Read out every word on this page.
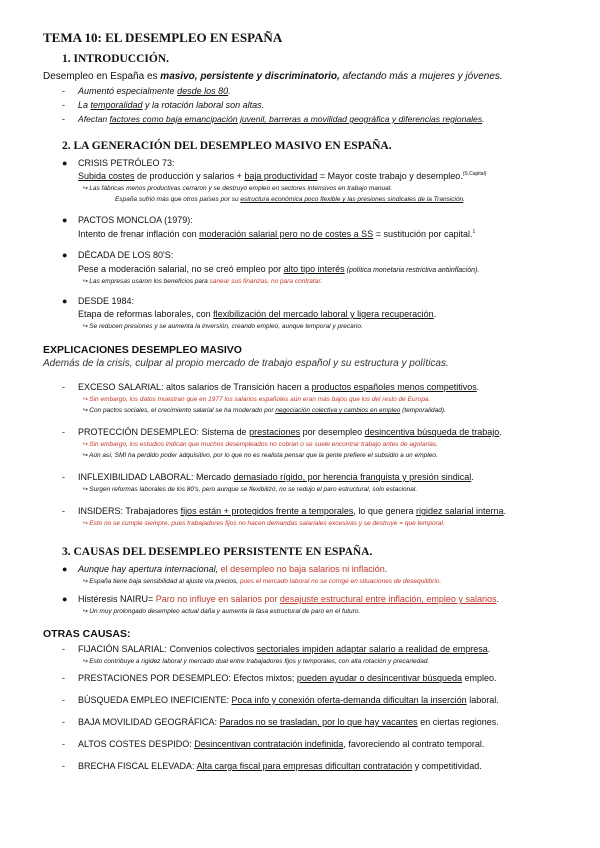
TEMA 10: EL DESEMPLEO EN ESPAÑA
1. INTRODUCCIÓN.
Desempleo en España es masivo, persistente y discriminatorio, afectando más a mujeres y jóvenes.
- Aumentó especialmente desde los 80.
- La temporalidad y la rotación laboral son altas.
- Afectan factores como baja emancipación juvenil, barreras a movilidad geográfica y diferencias regionales.
2. LA GENERACIÓN DEL DESEMPLEO MASIVO EN ESPAÑA.
● CRISIS PETRÓLEO 73:
Subida costes de producción y salarios + baja productividad = Mayor coste trabajo y desempleo.$^{(S.Capital)}$
↪ Las fábricas menos productivas cerraron y se destruyó empleo en sectores intensivos en trabajo manual.
España sufrió más que otros países por su estructura económica poco flexible y las presiones sindicales de la Transición.
● PACTOS MONCLOA (1979):
Intento de frenar inflación con moderación salarial pero no de costes a SS = sustitución por capital.$^1$
● DÉCADA DE LOS 80'S:
Pese a moderación salarial, no se creó empleo por alto tipo interés (política monetaria restrictiva antiinflación).
↪ Las empresas usaron los beneficios para sanear sus finanzas, no para contratar.
● DESDE 1984:
Etapa de reformas laborales, con flexibilización del mercado laboral y ligera recuperación.
↪ Se reducen presiones y se aumenta la inversión, creando empleo, aunque temporal y precario.
EXPLICACIONES DESEMPLEO MASIVO
Además de la crisis, culpar al propio mercado de trabajo español y su estructura y políticas.
- EXCESO SALARIAL: altos salarios de Transición hacen a productos españoles menos competitivos.
↪ Sin embargo, los datos muestran que en 1977 los salarios españoles aún eran más bajos que los del resto de Europa.
↪ Con pactos sociales, el crecimiento salarial se ha moderado por negociación colectiva y cambios en empleo (temporalidad).
- PROTECCIÓN DESEMPLEO: Sistema de prestaciones por desempleo desincentiva búsqueda de trabajo.
↪ Sin embargo, los estudios indican que muchos desempleados no cobran o se suele encontrar trabajo antes de agotarlas.
↪ Aún así, SMI ha perdido poder adquisitivo, por lo que no es realista pensar que la gente prefiere el subsidio a un empleo.
- INFLEXIBILIDAD LABORAL: Mercado demasiado rígido, por herencia franquista y presión sindical.
↪ Surgen reformas laborales de los 80's, pero aunque se flexibilizó, no se redujo el paro estructural, solo estacional.
- INSIDERS: Trabajadores fijos están + protegidos frente a temporales, lo que genera rigidez salarial interna.
↪ Esto no se cumple siempre, pues trabajadores fijos no hacen demandas salariales excesivas y se destruye = que temporal.
3. CAUSAS DEL DESEMPLEO PERSISTENTE EN ESPAÑA.
● Aunque hay apertura internacional, el desempleo no baja salarios ni inflación.
↪ España tiene baja sensibilidad al ajuste vía precios, pues el mercado laboral no se corrige en situaciones de desequilibrio.
● Histéresis NAIRU= Paro no influye en salarios por desajuste estructural entre inflación, empleo y salarios.
↪ Un muy prolongado desempleo actual daña y aumenta la tasa estructural de paro en el futuro.
OTRAS CAUSAS:
- FIJACIÓN SALARIAL: Convenios colectivos sectoriales impiden adaptar salario a realidad de empresa.
↪ Esto contribuye a rigidez laboral y mercado dual entre trabajadores fijos y temporales, con alta rotación y precariedad.
- PRESTACIONES POR DESEMPLEO: Efectos mixtos; pueden ayudar o desincentivar búsqueda empleo.
- BÚSQUEDA EMPLEO INEFICIENTE: Poca info y conexión oferta-demanda dificultan la inserción laboral.
- BAJA MOVILIDAD GEOGRÁFICA: Parados no se trasladan, por lo que hay vacantes en ciertas regiones.
- ALTOS COSTES DESPIDO: Desincentivan contratación indefinida, favoreciendo al contrato temporal.
- BRECHA FISCAL ELEVADA: Alta carga fiscal para empresas dificultan contratación y competitividad.
